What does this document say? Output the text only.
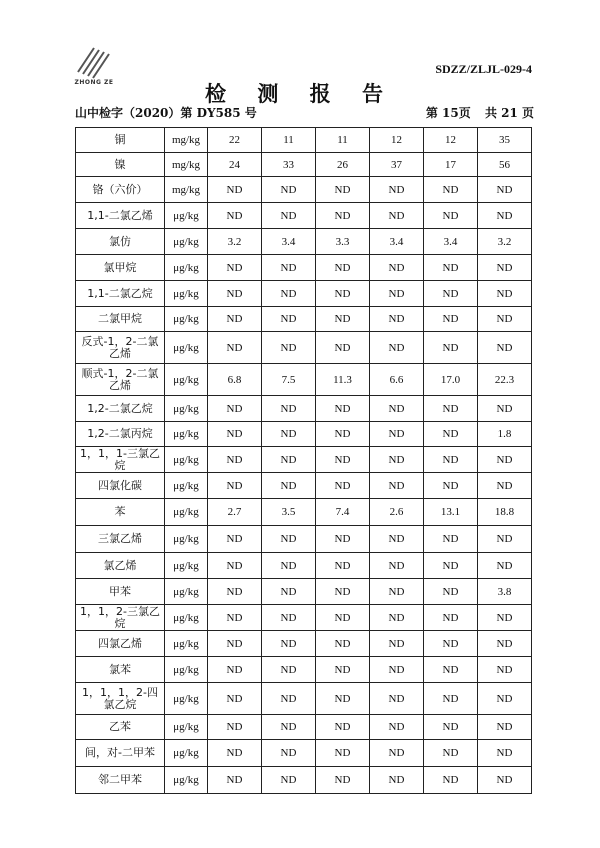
ZHONG ZE
SDZZ/ZLJL-029-4
检 测 报 告
山中检字（2020）第 DY585 号	第 15页 共 21 页
铜	mg/kg	22	11	11	12	12	35
镍	mg/kg	24	33	26	37	17	56
铬（六价）	mg/kg	ND	ND	ND	ND	ND	ND
1,1-二氯乙烯	μg/kg	ND	ND	ND	ND	ND	ND
氯仿	μg/kg	3.2	3.4	3.3	3.4	3.4	3.2
氯甲烷	μg/kg	ND	ND	ND	ND	ND	ND
1,1-二氯乙烷	μg/kg	ND	ND	ND	ND	ND	ND
二氯甲烷	μg/kg	ND	ND	ND	ND	ND	ND
反式-1，2-二氯乙烯	μg/kg	ND	ND	ND	ND	ND	ND
顺式-1，2-二氯乙烯	μg/kg	6.8	7.5	11.3	6.6	17.0	22.3
1,2-二氯乙烷	μg/kg	ND	ND	ND	ND	ND	ND
1,2-二氯丙烷	μg/kg	ND	ND	ND	ND	ND	1.8
1，1，1-三氯乙烷	μg/kg	ND	ND	ND	ND	ND	ND
四氯化碳	μg/kg	ND	ND	ND	ND	ND	ND
苯	μg/kg	2.7	3.5	7.4	2.6	13.1	18.8
三氯乙烯	μg/kg	ND	ND	ND	ND	ND	ND
氯乙烯	μg/kg	ND	ND	ND	ND	ND	ND
甲苯	μg/kg	ND	ND	ND	ND	ND	3.8
1，1，2-三氯乙烷	μg/kg	ND	ND	ND	ND	ND	ND
四氯乙烯	μg/kg	ND	ND	ND	ND	ND	ND
氯苯	μg/kg	ND	ND	ND	ND	ND	ND
1，1，1，2-四氯乙烷	μg/kg	ND	ND	ND	ND	ND	ND
乙苯	μg/kg	ND	ND	ND	ND	ND	ND
间，对-二甲苯	μg/kg	ND	ND	ND	ND	ND	ND
邻二甲苯	μg/kg	ND	ND	ND	ND	ND	ND
